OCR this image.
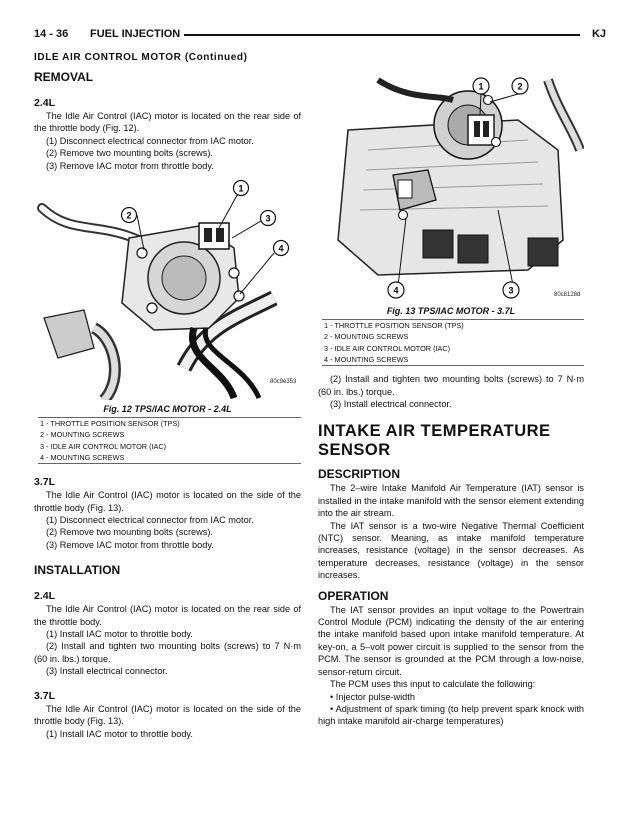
14 - 36 FUEL INJECTION	KJ
IDLE AIR CONTROL MOTOR (Continued)
REMOVAL
2.4L

The Idle Air Control (IAC) motor is located on the rear side of the throttle body (Fig. 12).

(1) Disconnect electrical connector from IAC motor.

(2) Remove two mounting bolts (screws).

(3) Remove IAC motor from throttle body.

1
2	3
4
80c9e353
Fig. 12 TPS/IAC MOTOR - 2.4L
1 - THROTTLE POSITION SENSOR (TPS)
2 - MOUNTING SCREWS
3 - IDLE AIR CONTROL MOTOR (IAC)
4 - MOUNTING SCREWS
3.7L

The Idle Air Control (IAC) motor is located on the side of the throttle body (Fig. 13).

(1) Disconnect electrical connector from IAC motor.

(2) Remove two mounting bolts (screws).

(3) Remove IAC motor from throttle body.

INSTALLATION
2.4L

The Idle Air Control (IAC) motor is located on the rear side of the throttle body.

(1) Install IAC motor to throttle body.

(2) Install and tighten two mounting bolts (screws) to 7 N·m (60 in. lbs.) torque.

(3) Install electrical connector.

3.7L

The Idle Air Control (IAC) motor is located on the side of the throttle body (Fig. 13).

(1) Install IAC motor to throttle body.

1	2
3
4	80c8128d
Fig. 13 TPS/IAC MOTOR - 3.7L
1 - THROTTLE POSITION SENSOR (TPS)
2 - MOUNTING SCREWS
3 - IDLE AIR CONTROL MOTOR (IAC)
4 - MOUNTING SCREWS

(2) Install and tighten two mounting bolts (screws) to 7 N·m (60 in. lbs.) torque.

(3) Install electrical connector.

INTAKE AIR TEMPERATURE SENSOR
DESCRIPTION

The 2–wire Intake Manifold Air Temperature (IAT) sensor is installed in the intake manifold with the sensor element extending into the air stream.

The IAT sensor is a two-wire Negative Thermal Coefficient (NTC) sensor. Meaning, as intake manifold temperature increases, resistance (voltage) in the sensor decreases. As temperature decreases, resistance (voltage) in the sensor increases.

OPERATION

The IAT sensor provides an input voltage to the Powertrain Control Module (PCM) indicating the density of the air entering the intake manifold based upon intake manifold temperature. At key-on, a 5–volt power circuit is supplied to the sensor from the PCM. The sensor is grounded at the PCM through a low-noise, sensor-return circuit.

The PCM uses this input to calculate the following:

• Injector pulse-width

• Adjustment of spark timing (to help prevent spark knock with high intake manifold air-charge temperatures)
